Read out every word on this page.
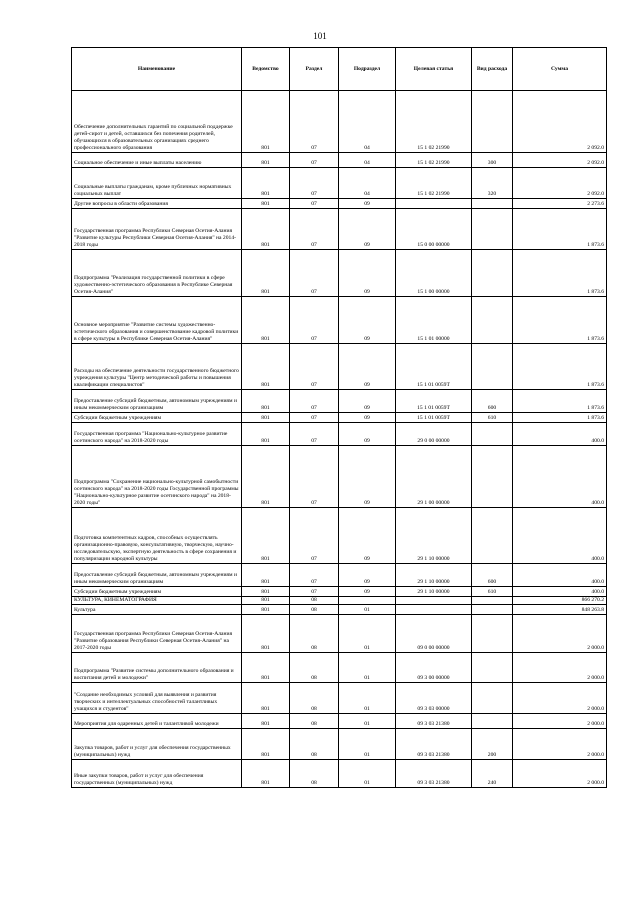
101
Наименование	Ведомство	Раздел	Подраздел	Целевая статья	Вид расхода	Сумма
Обеспечение дополнительных гарантий по социальной поддержке детей-сирот и детей, оставшихся без попечения родителей, обучающихся в образовательных организациях среднего профессионального образования	801	07	04	15 1 02 21990		2 092.0
Социальное обеспечение и иные выплаты населению	801	07	04	15 1 02 21990	300	2 092.0
Социальные выплаты гражданам, кроме публичных нормативных социальных выплат	801	07	04	15 1 02 21990	320	2 092.0
Другие вопросы в области образования	801	07	09			2 273.6
Государственная программа Республики Северная Осетия-Алания "Развитие культуры Республики Северная Осетия-Алания" на 2014-2018 годы	801	07	09	15 0 00 00000		1 873.6
Подпрограмма "Реализация государственной политики в сфере художественно-эстетического образования в Республике Северная Осетия-Алания"	801	07	09	15 1 00 00000		1 873.6
Основное мероприятие "Развитие системы художественно-эстетического образования и совершенствование кадровой политики в сфере культуры в Республике Северная Осетия-Алания"	801	07	09	15 1 01 00000		1 873.6
Расходы на обеспечение деятельности государственного бюджетного учреждения культуры "Центр методической работы и повышения квалификации специалистов"	801	07	09	15 1 01 0059Т		1 873.6
Предоставление субсидий бюджетным, автономным учреждениям и иным некоммерческим организациям	801	07	09	15 1 01 0059Т	600	1 873.6
Субсидии бюджетным учреждениям	801	07	09	15 1 01 0059Т	610	1 873.6
Государственная программа "Национально-культурное развитие осетинского народа" на 2018-2020 годы	801	07	09	29 0 00 00000		400.0
Подпрограмма "Сохранение национально-культурной самобытности осетинского народа" на 2018-2020 годы Государственной программы "Национально-культурное развитие осетинского народа" на 2018-2020 годы"	801	07	09	29 1 00 00000		400.0
Подготовка компетентных кадров, способных осуществлять организационно-правовую, консультативную, творческую, научно-исследовательскую, экспертную деятельность в сфере сохранения и популяризации народной культуры	801	07	09	29 1 10 00000		400.0
Предоставление субсидий бюджетным, автономным учреждениям и иным некоммерческим организациям	801	07	09	29 1 10 00000	600	400.0
Субсидии бюджетным учреждениям	801	07	09	29 1 10 00000	610	400.0
КУЛЬТУРА, КИНЕМАТОГРАФИЯ	801	08				866 270.2
Культура	801	08	01			848 263.8
Государственная программа Республики Северная Осетия-Алания "Развитие образования Республики Северная Осетия-Алания" на 2017-2020 годы	801	08	01	09 0 00 00000		2 000.0
Подпрограмма "Развитие системы дополнительного образования и воспитания детей и молодежи"	801	08	01	09 3 00 00000		2 000.0
"Создание необходимых условий для выявления и развития творческих и интеллектуальных способностей талантливых учащихся и студентов"	801	08	01	09 3 03 00000		2 000.0
Мероприятия для одаренных детей и талантливой молодежи	801	08	01	09 3 03 21380		2 000.0
Закупка товаров, работ и услуг для обеспечения государственных (муниципальных) нужд	801	08	01	09 3 03 21380	200	2 000.0
Иные закупки товаров, работ и услуг для обеспечения государственных (муниципальных) нужд	801	08	01	09 3 03 21380	240	2 000.0
